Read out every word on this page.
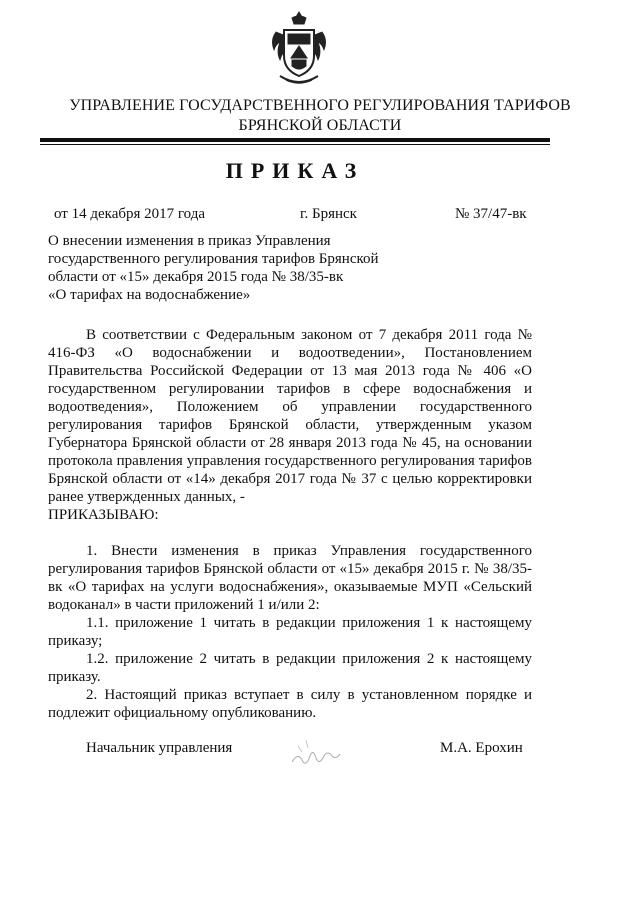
УПРАВЛЕНИЕ ГОСУДАРСТВЕННОГО РЕГУЛИРОВАНИЯ ТАРИФОВ
БРЯНСКОЙ ОБЛАСТИ
ПРИКАЗ
от 14 декабря 2017 года	г. Брянск	№ 37/47-вк
О внесении изменения в приказ Управления
государственного регулирования тарифов Брянской
области от «15» декабря 2015 года № 38/35-вк
«О тарифах на водоснабжение»

В соответствии с Федеральным законом от 7 декабря 2011 года № 416-ФЗ «О водоснабжении и водоотведении», Постановлением Правительства Российской Федерации от 13 мая 2013 года № 406 «О государственном регулировании тарифов в сфере водоснабжения и водоотведения», Положением об управлении государственного регулирования тарифов Брянской области, утвержденным указом Губернатора Брянской области от 28 января 2013 года № 45, на основании протокола правления управления государственного регулирования тарифов Брянской области от «14» декабря 2017 года № 37 с целью корректировки ранее утвержденных данных, -

ПРИКАЗЫВАЮ:

1. Внести изменения в приказ Управления государственного регулирования тарифов Брянской области от «15» декабря 2015 г. № 38/35-вк «О тарифах на услуги водоснабжения», оказываемые МУП «Сельский водоканал» в части приложений 1 и/или 2:

1.1. приложение 1 читать в редакции приложения 1 к настоящему приказу;

1.2. приложение 2 читать в редакции приложения 2 к настоящему приказу.

2. Настоящий приказ вступает в силу в установленном порядке и подлежит официальному опубликованию.

Начальник управления	М.А. Ерохин
